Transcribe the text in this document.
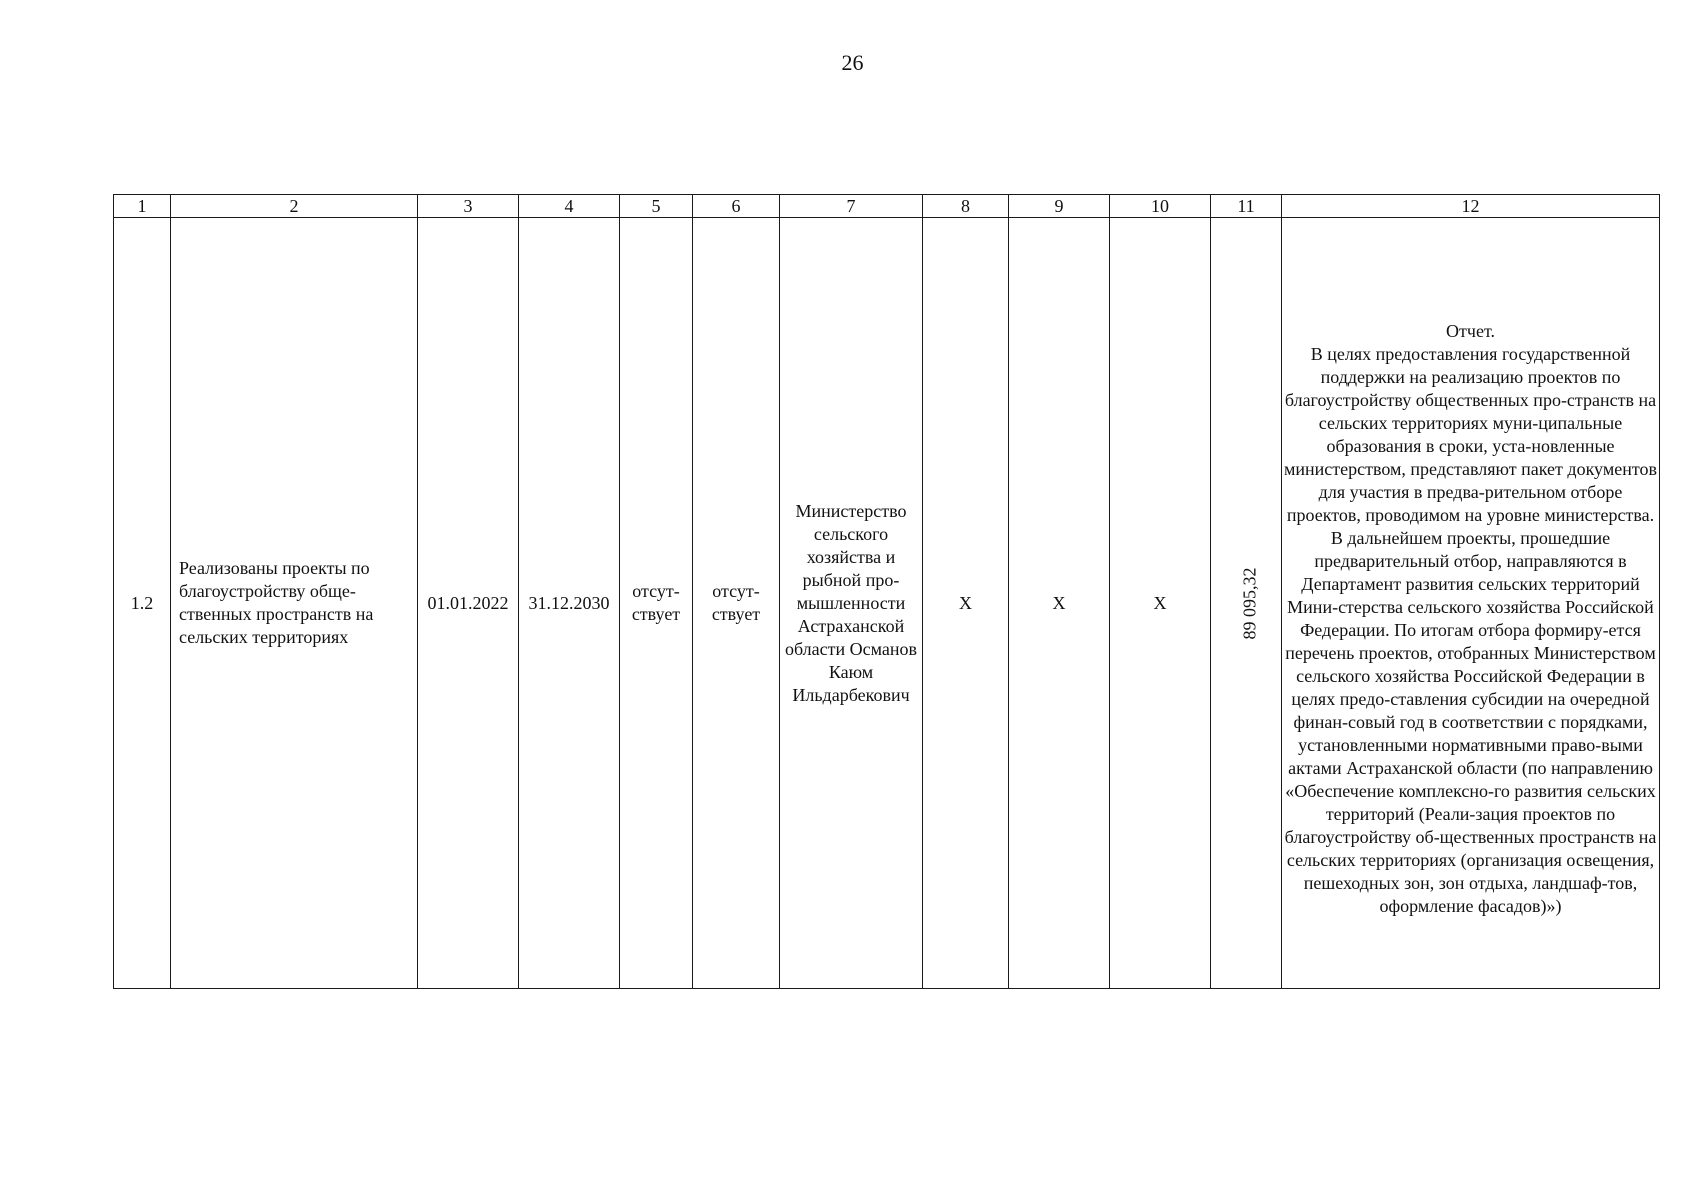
26
1	2	3	4	5	6	7	8	9	10	11	12
1.2	Реализованы проекты по благоустройству общественных пространств на сельских территориях	01.01.2022	31.12.2030	отсут-ствует	отсут-ствует	Министерство сельского хозяйства и рыбной про-мышленности Астраханской области Османов Каюм Ильдарбекович	X	X	X	89 095,32	Отчет.
В целях предоставления государственной поддержки на реализацию проектов по благоустройству общественных про-странств на сельских территориях муни-ципальные образования в сроки, уста-новленные министерством, представляют пакет документов для участия в предва-рительном отборе проектов, проводимом на уровне министерства. В дальнейшем проекты, прошедшие предварительный отбор, направляются в Департамент развития сельских территорий Мини-стерства сельского хозяйства Российской Федерации. По итогам отбора формиру-ется перечень проектов, отобранных Министерством сельского хозяйства Российской Федерации в целях предо-ставления субсидии на очередной финан-совый год в соответствии с порядками, установленными нормативными право-выми актами Астраханской области (по направлению «Обеспечение комплексно-го развития сельских территорий (Реали-зация проектов по благоустройству об-щественных пространств на сельских территориях (организация освещения, пешеходных зон, зон отдыха, ландшаф-тов, оформление фасадов)»)
